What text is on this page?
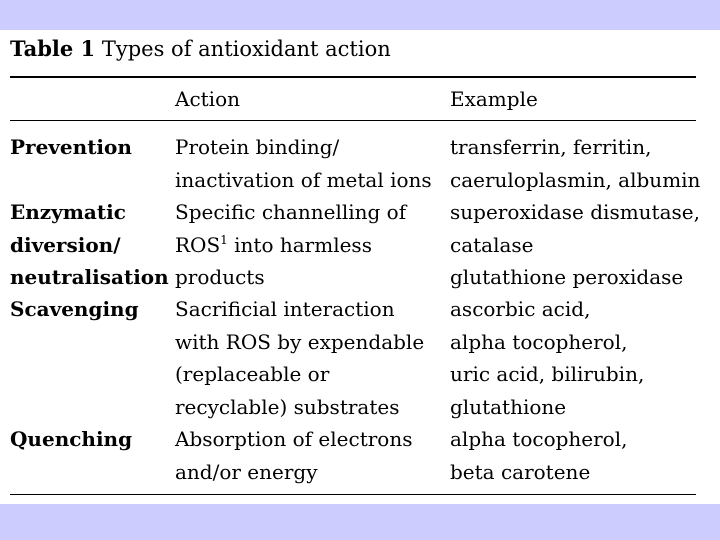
Table 1 Types of antioxidant action
Action	Example
Prevention Protein binding/
inactivation of metal ions
transferrin, ferritin,
caeruloplasmin, albumin
Enzymatic
diversion/
neutralisation
Specific channelling of
ROS$^1$ into harmless
products
superoxidase dismutase,
catalase
glutathione peroxidase
Scavenging Sacrificial interaction
with ROS by expendable
(replaceable or
recyclable) substrates
ascorbic acid,
alpha tocopherol,
uric acid, bilirubin,
glutathione
Quenching Absorption of electrons
and/or energy
alpha tocopherol,
beta carotene
